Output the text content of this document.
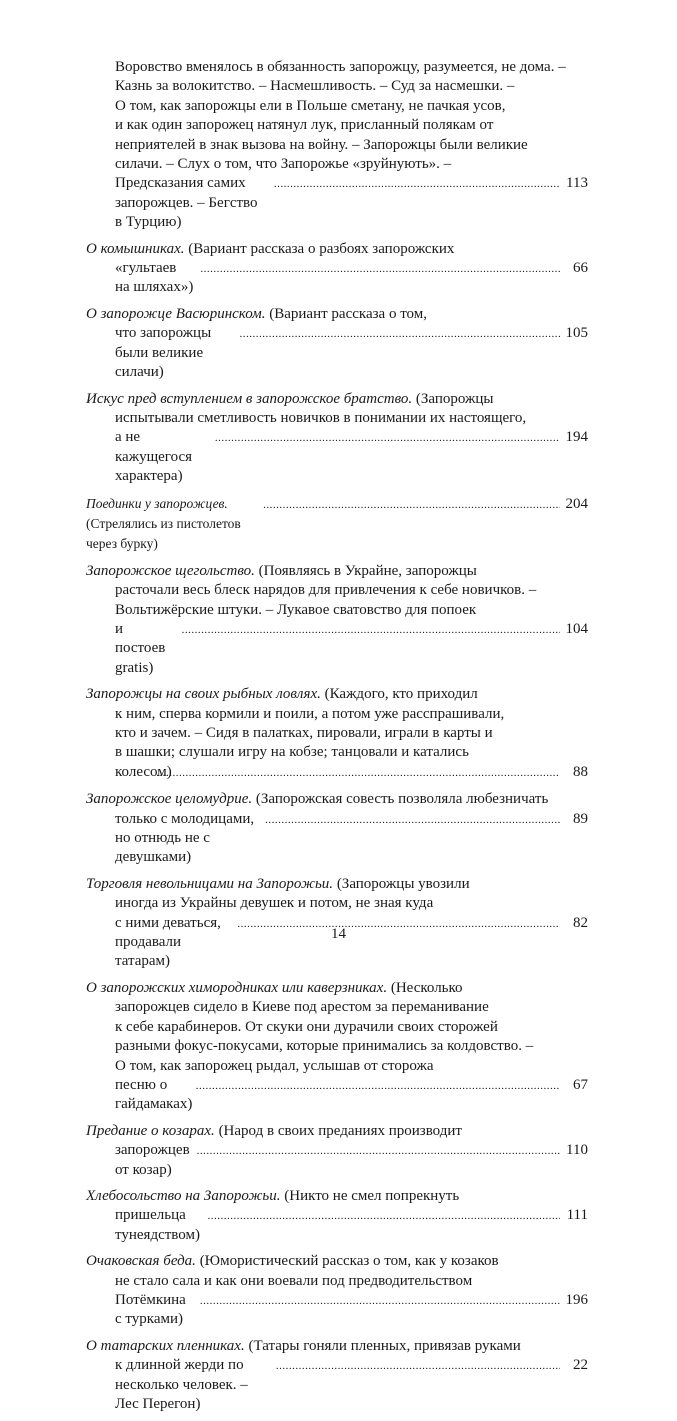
Воровство вменялось в обязанность запорожцу, разумеется, не дома. –
Казнь за волокитство. – Насмешливость. – Суд за насмешки. –
О том, как запорожцы ели в Польше сметану, не пачкая усов,
и как один запорожец натянул лук, присланный полякам от
неприятелей в знак вызова на войну. – Запорожцы были великие
силачи. – Слух о том, что Запорожье «зруйнують». –
Предсказания самих запорожцев. – Бегство в Турцию)
.....
113
О комышниках. (Вариант рассказа о разбоях запорожских
«гультаев на шляхах»)
.....
66
О запорожце Васюринском. (Вариант рассказа о том,
что запорожцы были великие силачи)
.....
105
Искус пред вступлением в запорожское братство. (Запорожцы
испытывали сметливость новичков в понимании их настоящего,
а не кажущегося характера)
.....
194
Поединки у запорожцев. (Стрелялись из пистолетов через бурку)
.....
204
Запорожское щегольство. (Появляясь в Украйне, запорожцы
расточали весь блеск нарядов для привлечения к себе новичков. –
Вольтижёрские штуки. – Лукавое сватовство для попоек
и постоев gratis)
.....
104
Запорожцы на своих рыбных ловлях. (Каждого, кто приходил
к ним, сперва кормили и поили, а потом уже расспрашивали,
кто и зачем. – Сидя в палатках, пировали, играли в карты и
в шашки; слушали игру на кобзе; танцовали и катались
колесом) .....	88
Запорожское целомудрие. (Запорожская совесть позволяла любезничать
только с молодицами, но отнюдь не с девушками)
.....
89
Торговля невольницами на Запорожьи. (Запорожцы увозили
иногда из Украйны девушек и потом, не зная куда
с ними деваться, продавали татарам)
.....
82
О запорожских химородниках или каверзниках. (Несколько
запорожцев сидело в Киеве под арестом за переманивание
к себе карабинеров. От скуки они дурачили своих сторожей
разными фокус-покусами, которые принимались за колдовство. –
О том, как запорожец рыдал, услышав от сторожа
песню о гайдамаках)
.....
67
Предание о козарах. (Народ в своих преданиях производит
запорожцев от козар)
.....
110
Хлебосольство на Запорожьи. (Никто не смел попрекнуть
пришельца тунеядством)
.....
111
Очаковская беда. (Юмористический рассказ о том, как у козаков
не стало сала и как они воевали под предводительством
Потёмкина с турками)
.....
196
О татарских пленниках. (Татары гоняли пленных, привязав руками
к длинной жерди по несколько человек. – Лес Перегон)
.....
22
14
